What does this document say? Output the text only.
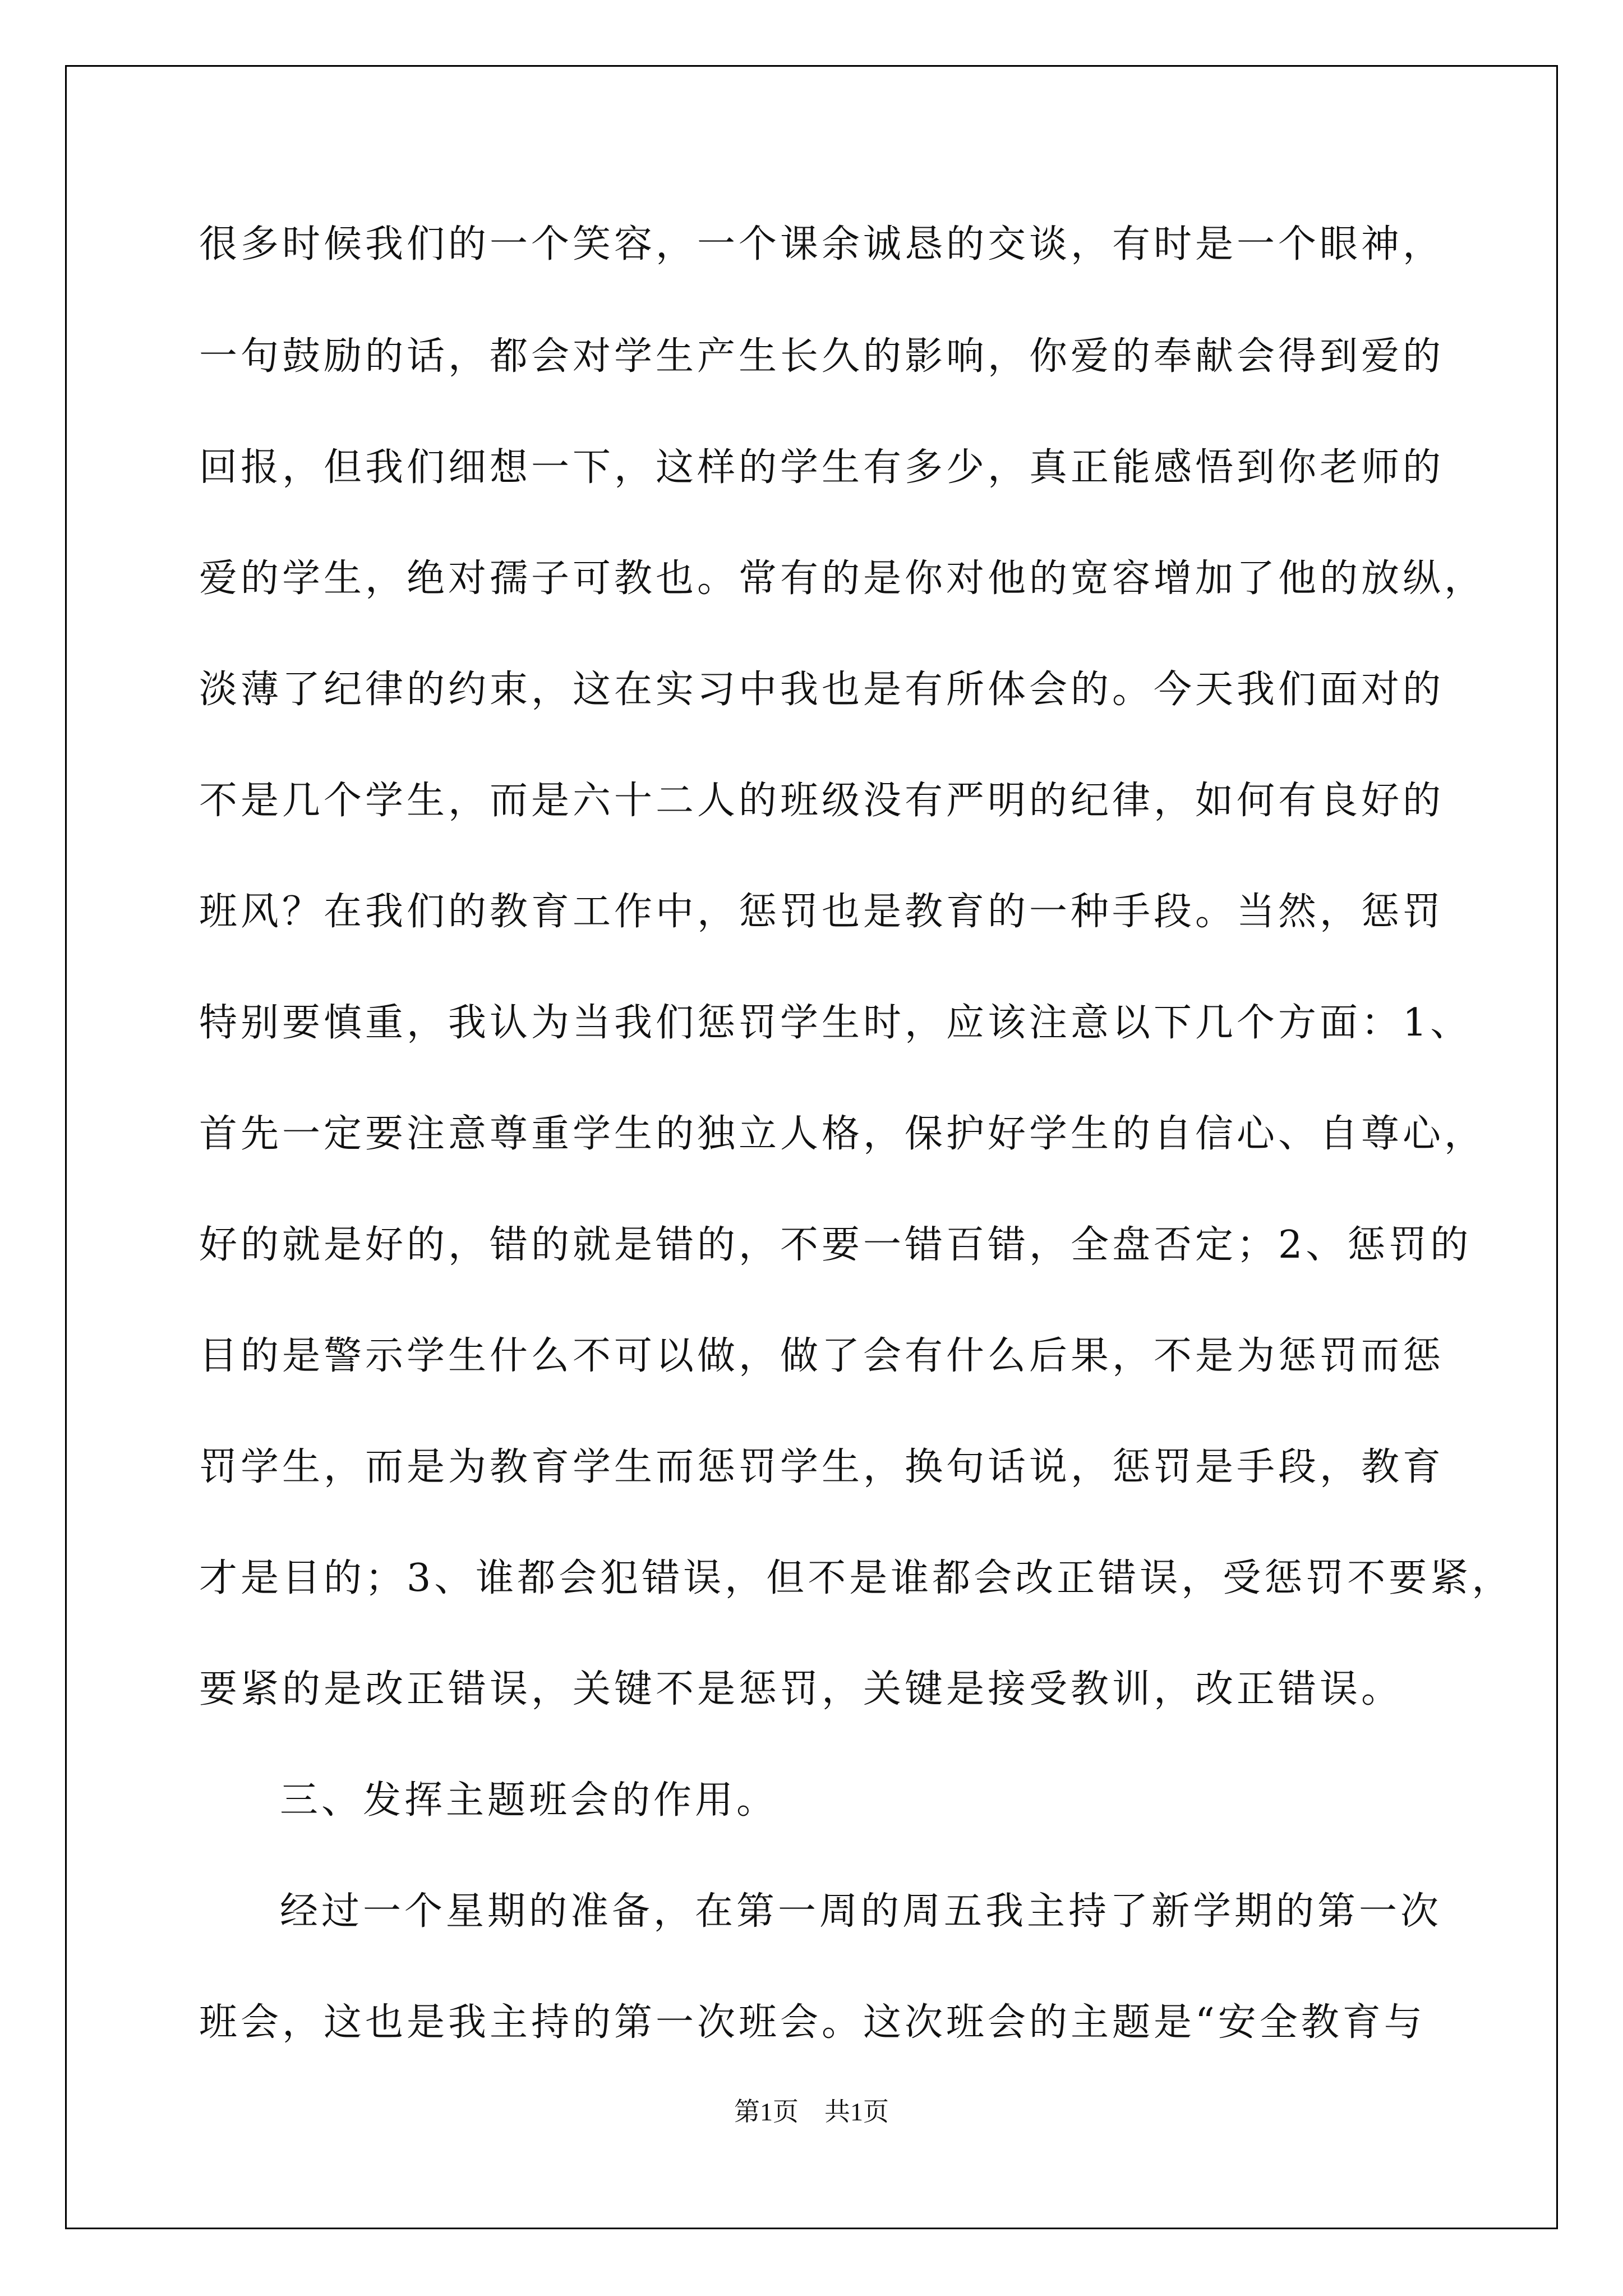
很多时候我们的一个笑容，一个课余诚恳的交谈，有时是一个眼神，
一句鼓励的话，都会对学生产生长久的影响，你爱的奉献会得到爱的
回报，但我们细想一下，这样的学生有多少，真正能感悟到你老师的
爱的学生，绝对孺子可教也。常有的是你对他的宽容增加了他的放纵，
淡薄了纪律的约束，这在实习中我也是有所体会的。今天我们面对的
不是几个学生，而是六十二人的班级没有严明的纪律，如何有良好的
班风？在我们的教育工作中，惩罚也是教育的一种手段。当然，惩罚
特别要慎重，我认为当我们惩罚学生时，应该注意以下几个方面：1、
首先一定要注意尊重学生的独立人格，保护好学生的自信心、自尊心，
好的就是好的，错的就是错的，不要一错百错，全盘否定；2、惩罚的
目的是警示学生什么不可以做，做了会有什么后果，不是为惩罚而惩
罚学生，而是为教育学生而惩罚学生，换句话说，惩罚是手段，教育
才是目的；3、谁都会犯错误，但不是谁都会改正错误，受惩罚不要紧，
要紧的是改正错误，关键不是惩罚，关键是接受教训，改正错误。
三、发挥主题班会的作用。
经过一个星期的准备，在第一周的周五我主持了新学期的第一次
班会，这也是我主持的第一次班会。这次班会的主题是“安全教育与
第1页　共1页
